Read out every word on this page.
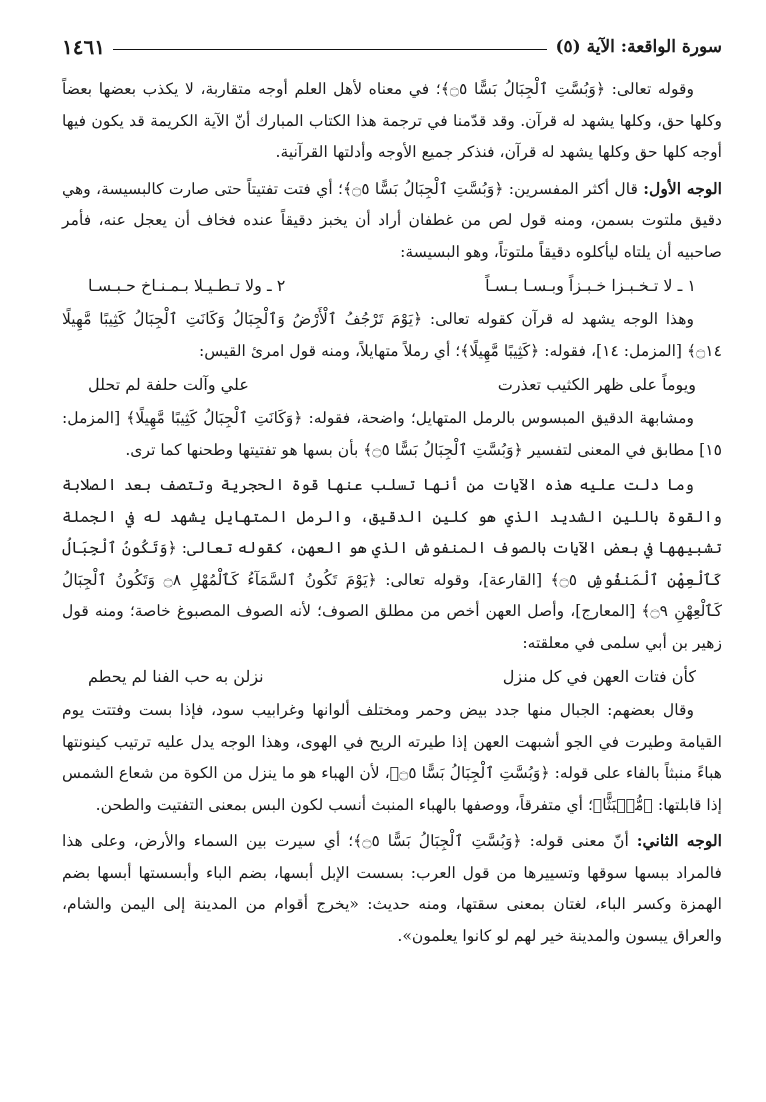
سورة الواقعة: الآية (٥)
١٤٦١

وقوله تعالى: ﴿وَبُسَّتِ ٱلْجِبَالُ بَسًّا ۝٥﴾؛ في معناه لأهل العلم أوجه متقاربة، لا يكذب بعضها بعضاً وكلها حق، وكلها يشهد له قرآن. وقد قدّمنا في ترجمة هذا الكتاب المبارك أنّ الآية الكريمة قد يكون فيها أوجه كلها حق وكلها يشهد له قرآن، فنذكر جميع الأوجه وأدلتها القرآنية.

الوجه الأول: قال أكثر المفسرين: ﴿وَبُسَّتِ ٱلْجِبَالُ بَسًّا ۝٥﴾؛ أي فتت تفتيتاً حتى صارت كالبسيسة، وهي دقيق ملتوت بسمن، ومنه قول لص من غطفان أراد أن يخبز دقيقاً عنده فخاف أن يعجل عنه، فأمر صاحبيه أن يلتاه ليأكلوه دقيقاً ملتوتاً، وهو البسيسة:

١ ـ لا تـخـبـزا خـبـزاً وبـسـا بـسـاً
٢ ـ ولا تـطـيـلا بـمـنـاخ حـبـسـا

وهذا الوجه يشهد له قرآن كقوله تعالى: ﴿يَوْمَ تَرْجُفُ ٱلْأَرْضُ وَٱلْجِبَالُ وَكَانَتِ ٱلْجِبَالُ كَثِيبًا مَّهِيلًا ۝١٤﴾ [المزمل: ١٤]، فقوله: ﴿كَثِيبًا مَّهِيلًا﴾؛ أي رملاً متهايلاً، ومنه قول امرئ القيس:

ويوماً على ظهر الكثيب تعذرت
علي وآلت حلفة لم تحلل

ومشابهة الدقيق المبسوس بالرمل المتهايل؛ واضحة، فقوله: ﴿وَكَانَتِ ٱلْجِبَالُ كَثِيبًا مَّهِيلًا﴾ [المزمل: ١٥] مطابق في المعنى لتفسير ﴿وَبُسَّتِ ٱلْجِبَالُ بَسًّا ۝٥﴾ بأن بسها هو تفتيتها وطحنها كما ترى.

وما دلت عليه هذه الآيات من أنها تسلب عنها قوة الحجرية وتتصف بعد الصلابة والقوة باللين الشديد الذي هو كلين الدقيق، والرمل المتهايل يشهد له في الجملة تشبيهها في بعض الآيات بالصوف المنفوش الذي هو العهن، كقوله تعالى: ﴿وَتَكُونُ ٱلْجِبَالُ كَٱلْعِهْنِ ٱلْمَنفُوشِ ۝٥﴾ [القارعة]، وقوله تعالى: ﴿يَوْمَ تَكُونُ ٱلسَّمَآءُ كَٱلْمُهْلِ ۝٨ وَتَكُونُ ٱلْجِبَالُ كَٱلْعِهْنِ ۝٩﴾ [المعارج]، وأصل العهن أخص من مطلق الصوف؛ لأنه الصوف المصبوغ خاصة؛ ومنه قول زهير بن أبي سلمى في معلقته:

كأن فتات العهن في كل منزل
نزلن به حب الفنا لم يحطم

وقال بعضهم: الجبال منها جدد بيض وحمر ومختلف ألوانها وغرابيب سود، فإذا بست وفتتت يوم القيامة وطيرت في الجو أشبهت العهن إذا طيرته الريح في الهوى، وهذا الوجه يدل عليه ترتيب كينونتها هباءً منبثاً بالفاء على قوله: ﴿وَبُسَّتِ ٱلْجِبَالُ بَسًّا ۝٥﴾، لأن الهباء هو ما ينزل من الكوة من شعاع الشمس إذا قابلتها: ﴿مُّنۢبَثًّا﴾؛ أي متفرقاً، ووصفها بالهباء المنبث أنسب لكون البس بمعنى التفتيت والطحن.

الوجه الثاني: أنّ معنى قوله: ﴿وَبُسَّتِ ٱلْجِبَالُ بَسًّا ۝٥﴾؛ أي سيرت بين السماء والأرض، وعلى هذا فالمراد ببسها سوقها وتسييرها من قول العرب: بسست الإبل أبسها، بضم الباء وأبسستها أبسها بضم الهمزة وكسر الباء، لغتان بمعنى سقتها، ومنه حديث: «يخرج أقوام من المدينة إلى اليمن والشام، والعراق يبسون والمدينة خير لهم لو كانوا يعلمون».
